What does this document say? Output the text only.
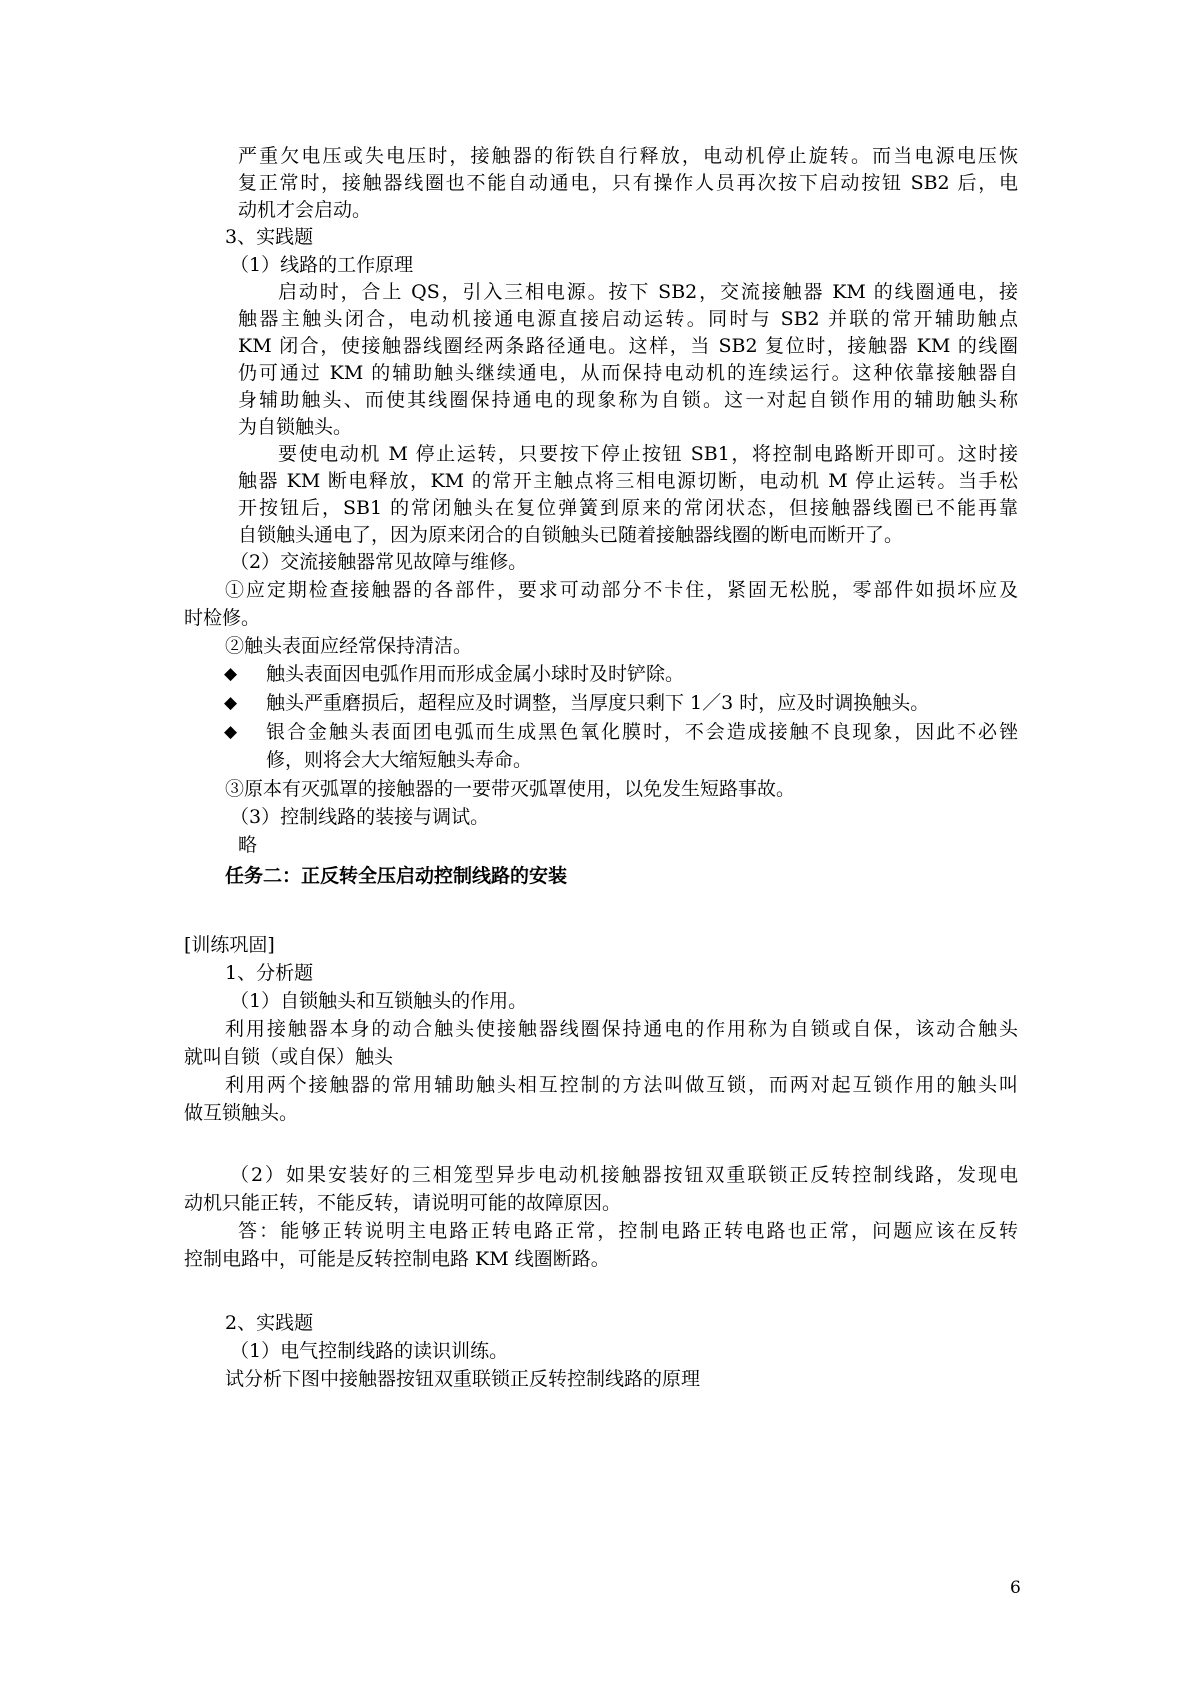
严重欠电压或失电压时，接触器的衔铁自行释放，电动机停止旋转。而当电源电压恢
复正常时，接触器线圈也不能自动通电，只有操作人员再次按下启动按钮 SB2 后，电
动机才会启动。
3、实践题
（1）线路的工作原理
启动时，合上 QS，引入三相电源。按下 SB2，交流接触器 KM 的线圈通电，接
触器主触头闭合，电动机接通电源直接启动运转。同时与 SB2 并联的常开辅助触点
KM 闭合，使接触器线圈经两条路径通电。这样，当 SB2 复位时，接触器 KM 的线圈
仍可通过 KM 的辅助触头继续通电，从而保持电动机的连续运行。这种依靠接触器自
身辅助触头、而使其线圈保持通电的现象称为自锁。这一对起自锁作用的辅助触头称
为自锁触头。
要使电动机 M 停止运转，只要按下停止按钮 SB1，将控制电路断开即可。这时接
触器 KM 断电释放，KM 的常开主触点将三相电源切断，电动机 M 停止运转。当手松
开按钮后，SB1 的常闭触头在复位弹簧到原来的常闭状态，但接触器线圈已不能再靠
自锁触头通电了，因为原来闭合的自锁触头已随着接触器线圈的断电而断开了。
（2）交流接触器常见故障与维修。
①应定期检查接触器的各部件，要求可动部分不卡住，紧固无松脱，零部件如损坏应及
时检修。
②触头表面应经常保持清洁。
◆ 触头表面因电弧作用而形成金属小球时及时铲除。
◆ 触头严重磨损后，超程应及时调整，当厚度只剩下 1／3 时，应及时调换触头。
◆ 银合金触头表面团电弧而生成黑色氧化膜时，不会造成接触不良现象，因此不必锉
修，则将会大大缩短触头寿命。
③原本有灭弧罩的接触器的一要带灭弧罩使用，以免发生短路事故。
（3）控制线路的装接与调试。
略
任务二：正反转全压启动控制线路的安装
[训练巩固]
1、分析题
（1）自锁触头和互锁触头的作用。
利用接触器本身的动合触头使接触器线圈保持通电的作用称为自锁或自保，该动合触头
就叫自锁（或自保）触头
利用两个接触器的常用辅助触头相互控制的方法叫做互锁，而两对起互锁作用的触头叫
做互锁触头。
（2）如果安装好的三相笼型异步电动机接触器按钮双重联锁正反转控制线路，发现电
动机只能正转，不能反转，请说明可能的故障原因。
答：能够正转说明主电路正转电路正常，控制电路正转电路也正常，问题应该在反转
控制电路中，可能是反转控制电路 KM 线圈断路。
2、实践题
（1）电气控制线路的读识训练。
试分析下图中接触器按钮双重联锁正反转控制线路的原理
6
